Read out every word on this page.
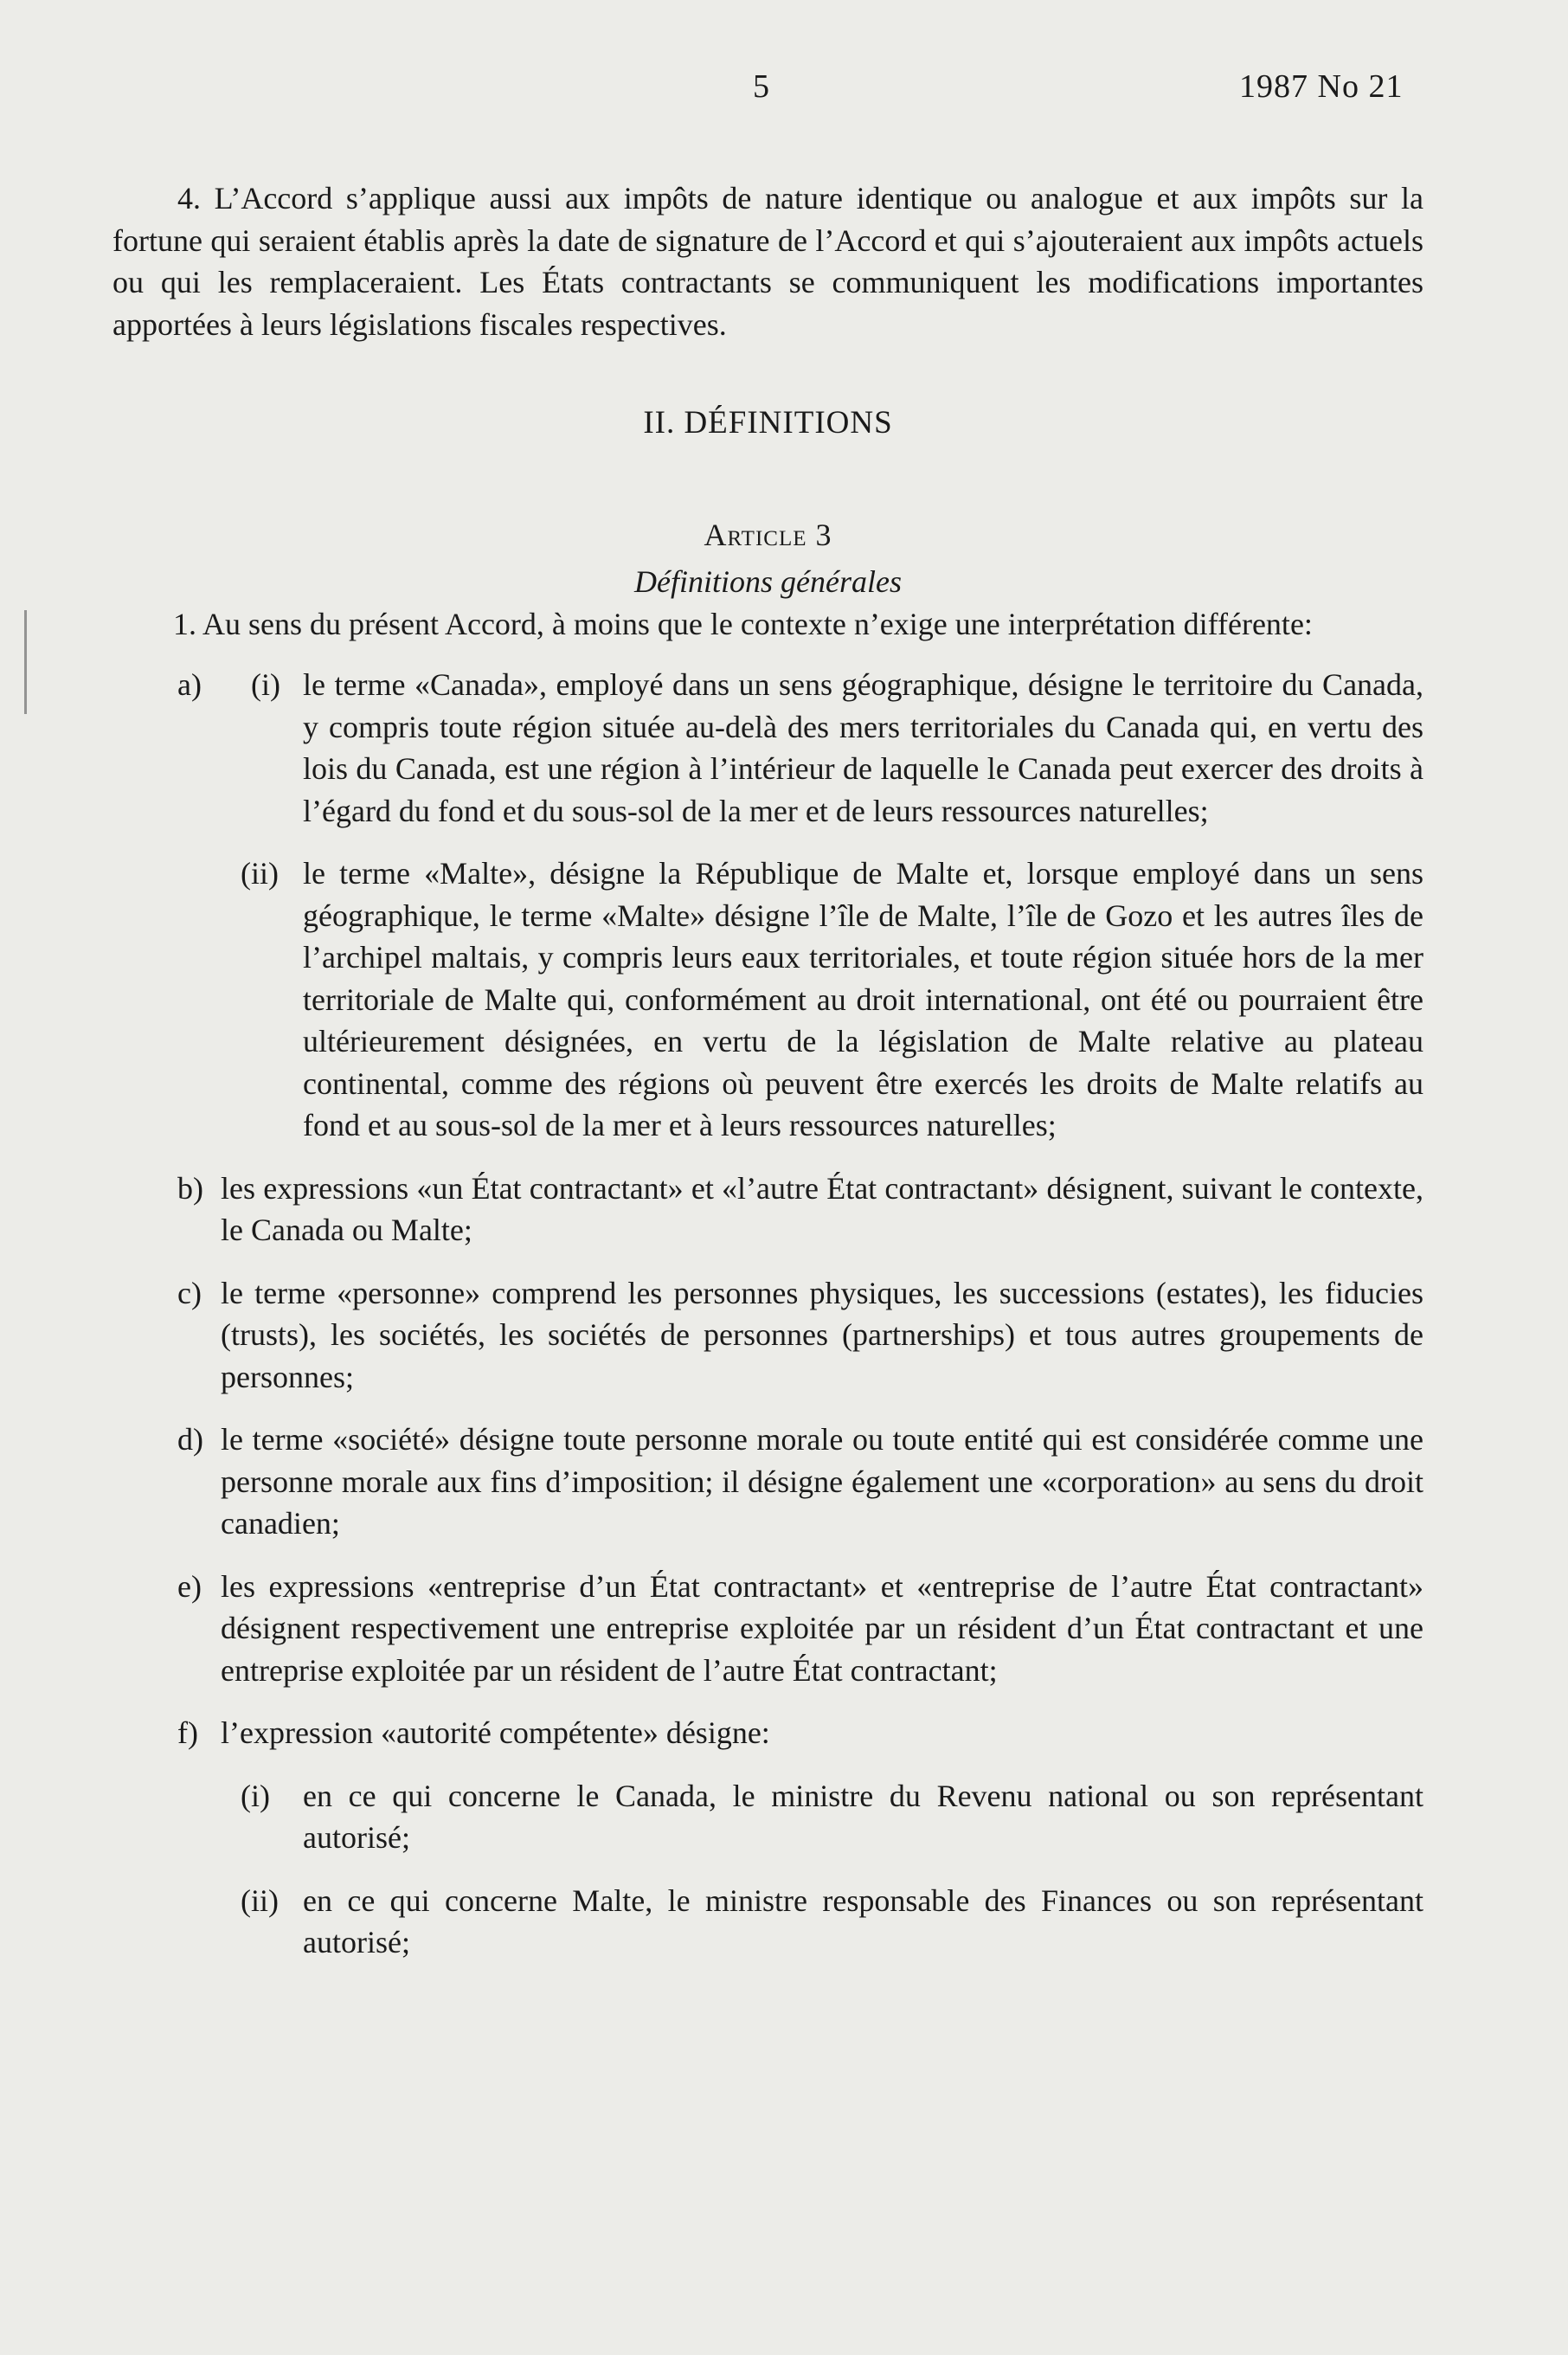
5	1987 No 21

4. L’Accord s’applique aussi aux impôts de nature identique ou analogue et aux impôts sur la fortune qui seraient établis après la date de signature de l’Accord et qui s’ajouteraient aux impôts actuels ou qui les remplaceraient. Les États contractants se communiquent les modifications importantes apportées à leurs législations fiscales respectives.

II. DÉFINITIONS

Article 3

Définitions générales

1. Au sens du présent Accord, à moins que le contexte n’exige une interprétation différente:

a) (i) le terme «Canada», employé dans un sens géographique, désigne le territoire du Canada, y compris toute région située au-delà des mers territoriales du Canada qui, en vertu des lois du Canada, est une région à l’intérieur de laquelle le Canada peut exercer des droits à l’égard du fond et du sous-sol de la mer et de leurs ressources naturelles;

(ii) le terme «Malte», désigne la République de Malte et, lorsque employé dans un sens géographique, le terme «Malte» désigne l’île de Malte, l’île de Gozo et les autres îles de l’archipel maltais, y compris leurs eaux territoriales, et toute région située hors de la mer territoriale de Malte qui, conformément au droit international, ont été ou pourraient être ultérieurement désignées, en vertu de la législation de Malte relative au plateau continental, comme des régions où peuvent être exercés les droits de Malte relatifs au fond et au sous-sol de la mer et à leurs ressources naturelles;

b) les expressions «un État contractant» et «l’autre État contractant» désignent, suivant le contexte, le Canada ou Malte;

c) le terme «personne» comprend les personnes physiques, les successions (estates), les fiducies (trusts), les sociétés, les sociétés de personnes (partnerships) et tous autres groupements de personnes;

d) le terme «société» désigne toute personne morale ou toute entité qui est considérée comme une personne morale aux fins d’imposition; il désigne également une «corporation» au sens du droit canadien;

e) les expressions «entreprise d’un État contractant» et «entreprise de l’autre État contractant» désignent respectivement une entreprise exploitée par un résident d’un État contractant et une entreprise exploitée par un résident de l’autre État contractant;

f) l’expression «autorité compétente» désigne:

(i) en ce qui concerne le Canada, le ministre du Revenu national ou son représentant autorisé;

(ii) en ce qui concerne Malte, le ministre responsable des Finances ou son représentant autorisé;
